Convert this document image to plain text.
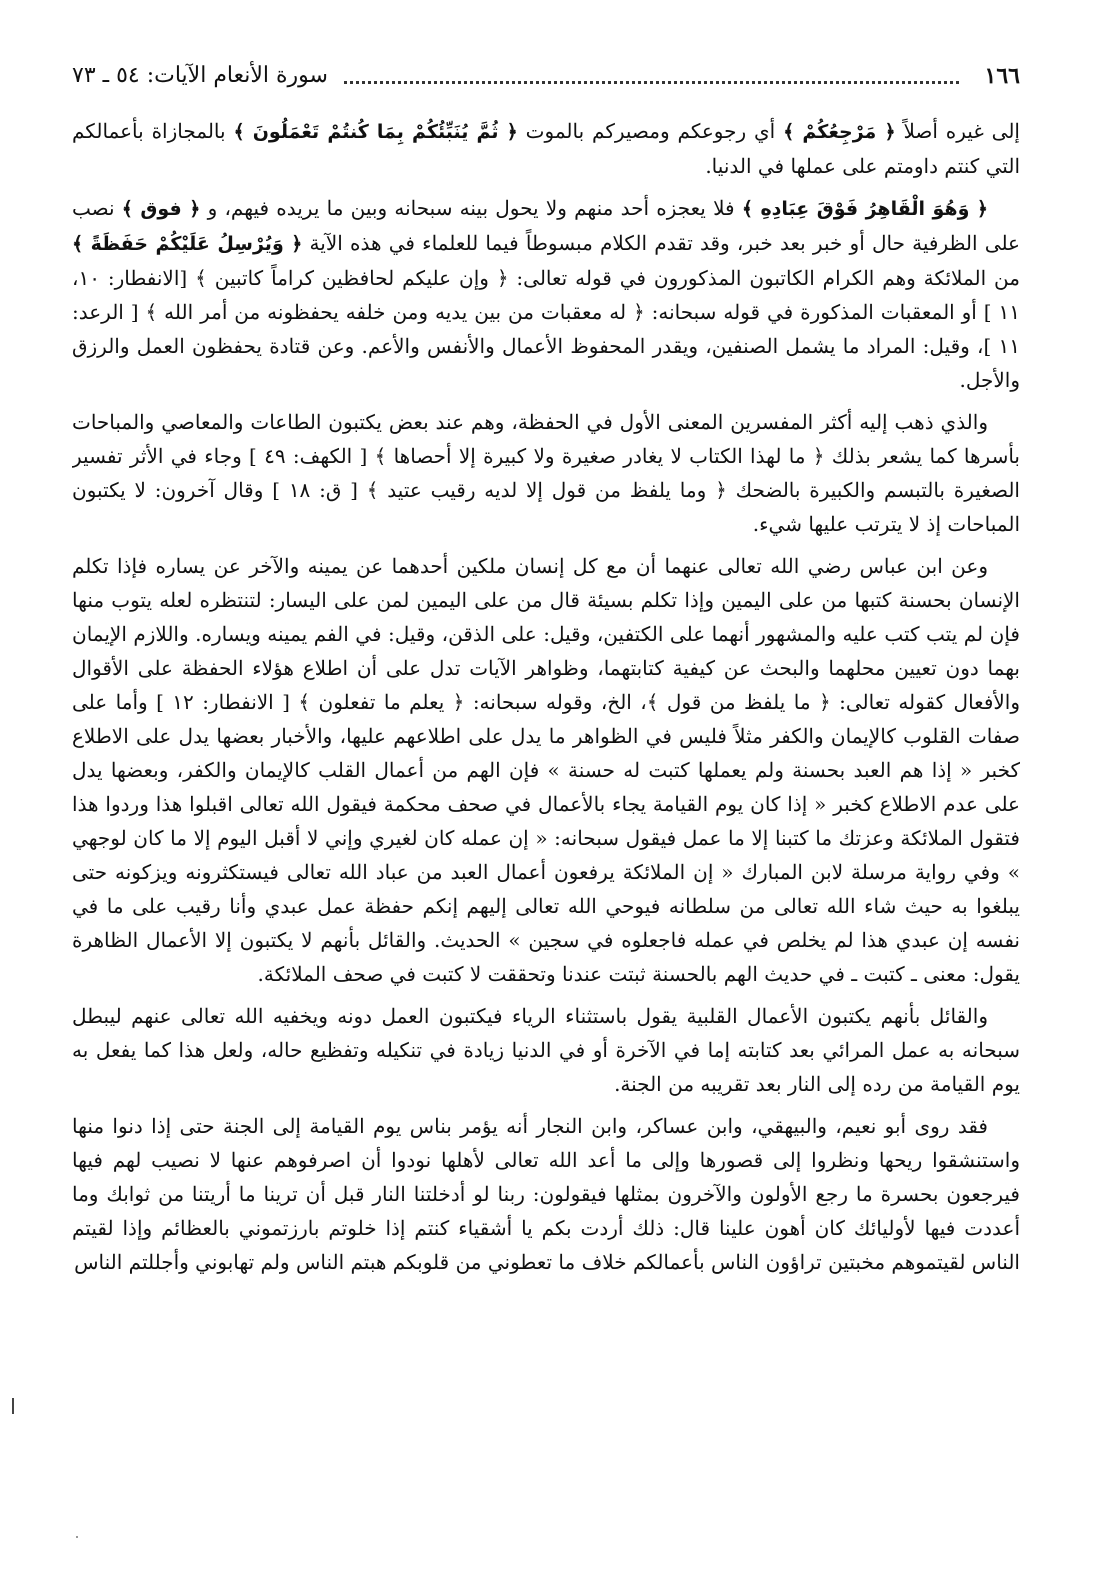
١٦٦
سورة الأنعام الآيات: ٥٤ ـ ٧٣

إلى غيره أصلاً ﴿ مَرْجِعُكُمْ ﴾ أي رجوعكم ومصيركم بالموت ﴿ ثُمَّ يُنَبِّئُكُمْ بِمَا كُنتُمْ تَعْمَلُونَ ﴾ بالمجازاة بأعمالكم التي كنتم داومتم على عملها في الدنيا.

﴿ وَهُوَ الْقَاهِرُ فَوْقَ عِبَادِهِ ﴾ فلا يعجزه أحد منهم ولا يحول بينه سبحانه وبين ما يريده فيهم، و ﴿ فوق ﴾ نصب على الظرفية حال أو خبر بعد خبر، وقد تقدم الكلام مبسوطاً فيما للعلماء في هذه الآية ﴿ وَيُرْسِلُ عَلَيْكُمْ حَفَظَةً ﴾ من الملائكة وهم الكرام الكاتبون المذكورون في قوله تعالى: ﴿ وإن عليكم لحافظين كراماً كاتبين ﴾ [الانفطار: ١٠، ١١ ] أو المعقبات المذكورة في قوله سبحانه: ﴿ له معقبات من بين يديه ومن خلفه يحفظونه من أمر الله ﴾ [ الرعد: ١١ ]، وقيل: المراد ما يشمل الصنفين، ويقدر المحفوظ الأعمال والأنفس والأعم. وعن قتادة يحفظون العمل والرزق والأجل.

والذي ذهب إليه أكثر المفسرين المعنى الأول في الحفظة، وهم عند بعض يكتبون الطاعات والمعاصي والمباحات بأسرها كما يشعر بذلك ﴿ ما لهذا الكتاب لا يغادر صغيرة ولا كبيرة إلا أحصاها ﴾ [ الكهف: ٤٩ ] وجاء في الأثر تفسير الصغيرة بالتبسم والكبيرة بالضحك ﴿ وما يلفظ من قول إلا لديه رقيب عتيد ﴾ [ ق: ١٨ ] وقال آخرون: لا يكتبون المباحات إذ لا يترتب عليها شيء.

وعن ابن عباس رضي الله تعالى عنهما أن مع كل إنسان ملكين أحدهما عن يمينه والآخر عن يساره فإذا تكلم الإنسان بحسنة كتبها من على اليمين وإذا تكلم بسيئة قال من على اليمين لمن على اليسار: لتنتظره لعله يتوب منها فإن لم يتب كتب عليه والمشهور أنهما على الكتفين، وقيل: على الذقن، وقيل: في الفم يمينه ويساره. واللازم الإيمان بهما دون تعيين محلهما والبحث عن كيفية كتابتهما، وظواهر الآيات تدل على أن اطلاع هؤلاء الحفظة على الأقوال والأفعال كقوله تعالى: ﴿ ما يلفظ من قول ﴾، الخ، وقوله سبحانه: ﴿ يعلم ما تفعلون ﴾ [ الانفطار: ١٢ ] وأما على صفات القلوب كالإيمان والكفر مثلاً فليس في الظواهر ما يدل على اطلاعهم عليها، والأخبار بعضها يدل على الاطلاع كخبر « إذا هم العبد بحسنة ولم يعملها كتبت له حسنة » فإن الهم من أعمال القلب كالإيمان والكفر، وبعضها يدل على عدم الاطلاع كخبر « إذا كان يوم القيامة يجاء بالأعمال في صحف محكمة فيقول الله تعالى اقبلوا هذا وردوا هذا فتقول الملائكة وعزتك ما كتبنا إلا ما عمل فيقول سبحانه: « إن عمله كان لغيري وإني لا أقبل اليوم إلا ما كان لوجهي » وفي رواية مرسلة لابن المبارك « إن الملائكة يرفعون أعمال العبد من عباد الله تعالى فيستكثرونه ويزكونه حتى يبلغوا به حيث شاء الله تعالى من سلطانه فيوحي الله تعالى إليهم إنكم حفظة عمل عبدي وأنا رقيب على ما في نفسه إن عبدي هذا لم يخلص في عمله فاجعلوه في سجين » الحديث. والقائل بأنهم لا يكتبون إلا الأعمال الظاهرة يقول: معنى ـ كتبت ـ في حديث الهم بالحسنة ثبتت عندنا وتحققت لا كتبت في صحف الملائكة.

والقائل بأنهم يكتبون الأعمال القلبية يقول باستثناء الرياء فيكتبون العمل دونه ويخفيه الله تعالى عنهم ليبطل سبحانه به عمل المرائي بعد كتابته إما في الآخرة أو في الدنيا زيادة في تنكيله وتفظيع حاله، ولعل هذا كما يفعل به يوم القيامة من رده إلى النار بعد تقريبه من الجنة.

فقد روى أبو نعيم، والبيهقي، وابن عساكر، وابن النجار أنه يؤمر بناس يوم القيامة إلى الجنة حتى إذا دنوا منها واستنشقوا ريحها ونظروا إلى قصورها وإلى ما أعد الله تعالى لأهلها نودوا أن اصرفوهم عنها لا نصيب لهم فيها فيرجعون بحسرة ما رجع الأولون والآخرون بمثلها فيقولون: ربنا لو أدخلتنا النار قبل أن ترينا ما أريتنا من ثوابك وما أعددت فيها لأوليائك كان أهون علينا قال: ذلك أردت بكم يا أشقياء كنتم إذا خلوتم بارزتموني بالعظائم وإذا لقيتم الناس لقيتموهم مخبتين تراؤون الناس بأعمالكم خلاف ما تعطوني من قلوبكم هبتم الناس ولم تهابوني وأجللتم الناس
